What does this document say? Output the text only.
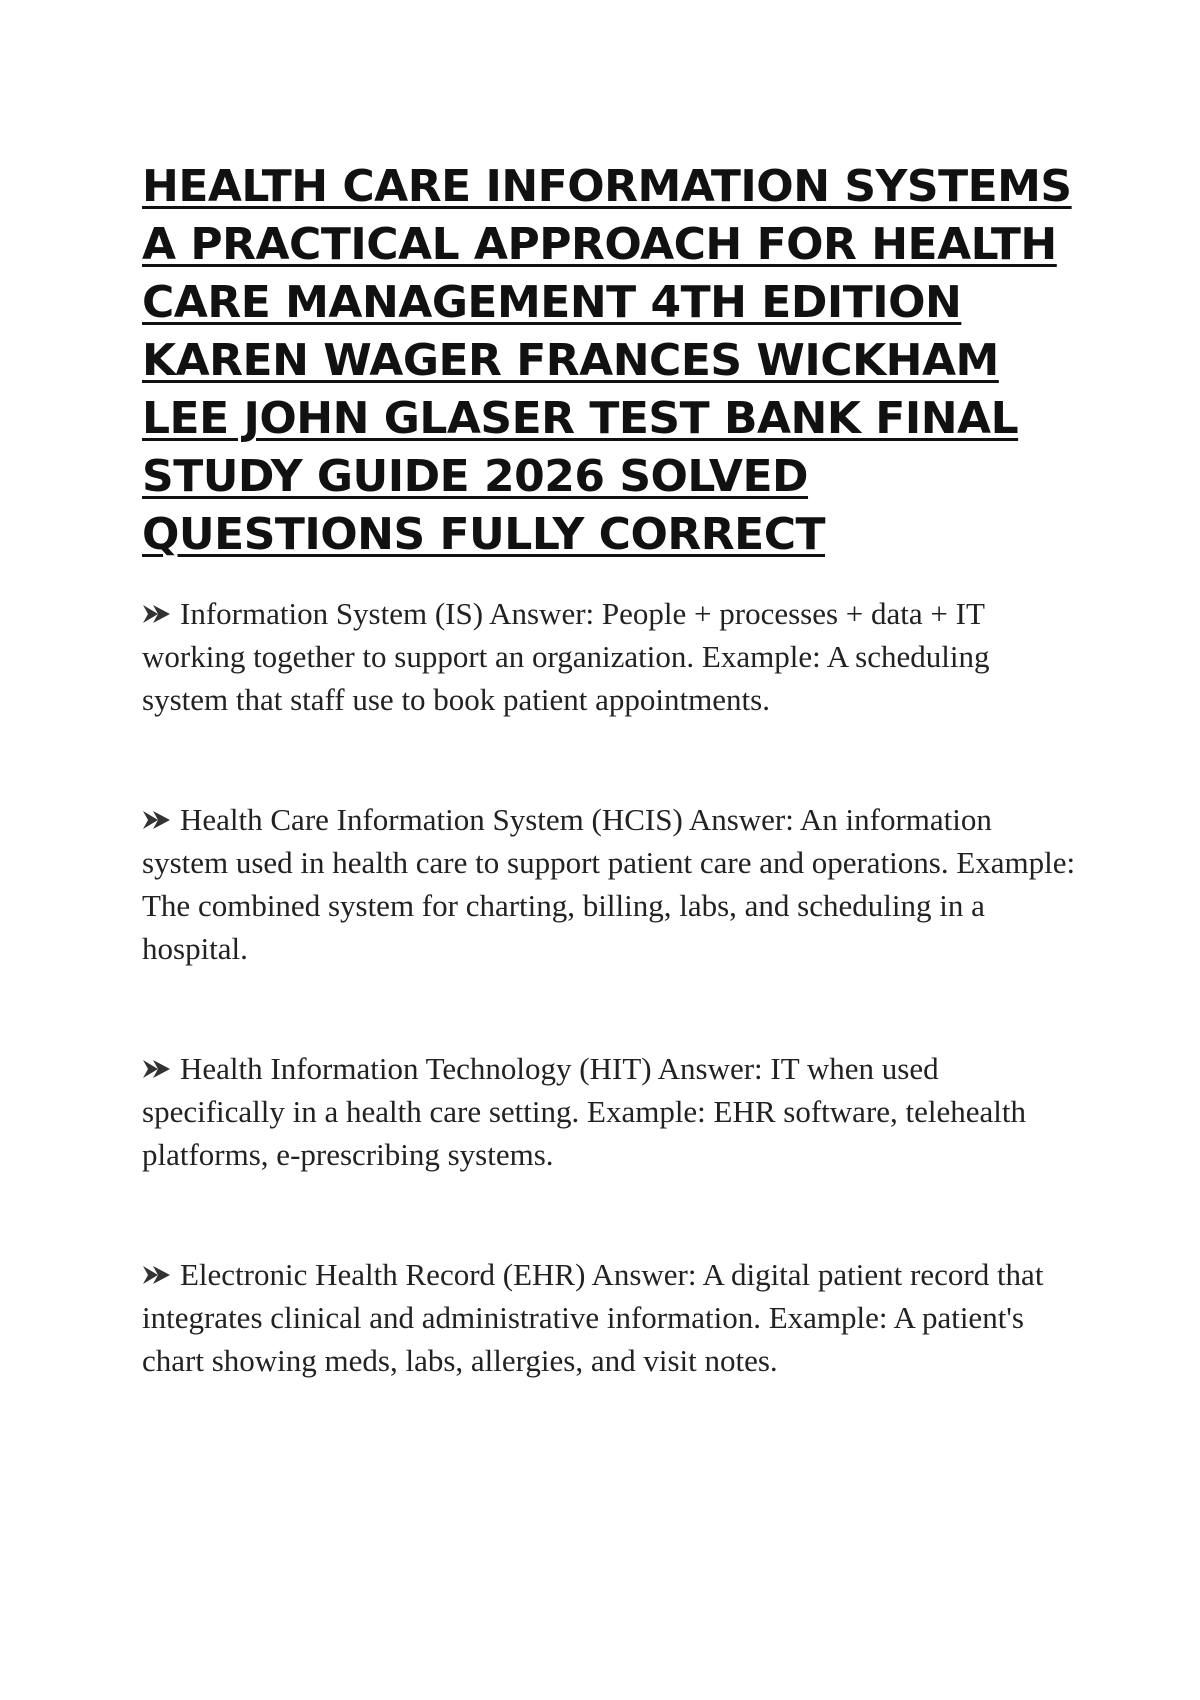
HEALTH CARE INFORMATION SYSTEMS A PRACTICAL APPROACH FOR HEALTH CARE MANAGEMENT 4TH EDITION KAREN WAGER FRANCES WICKHAM LEE JOHN GLASER TEST BANK FINAL STUDY GUIDE 2026 SOLVED QUESTIONS FULLY CORRECT

Information System (IS) Answer: People + processes + data + IT working together to support an organization. Example: A scheduling system that staff use to book patient appointments.

Health Care Information System (HCIS) Answer: An information system used in health care to support patient care and operations. Example: The combined system for charting, billing, labs, and scheduling in a hospital.

Health Information Technology (HIT) Answer: IT when used specifically in a health care setting. Example: EHR software, telehealth platforms, e-prescribing systems.

Electronic Health Record (EHR) Answer: A digital patient record that integrates clinical and administrative information. Example: A patient's chart showing meds, labs, allergies, and visit notes.
